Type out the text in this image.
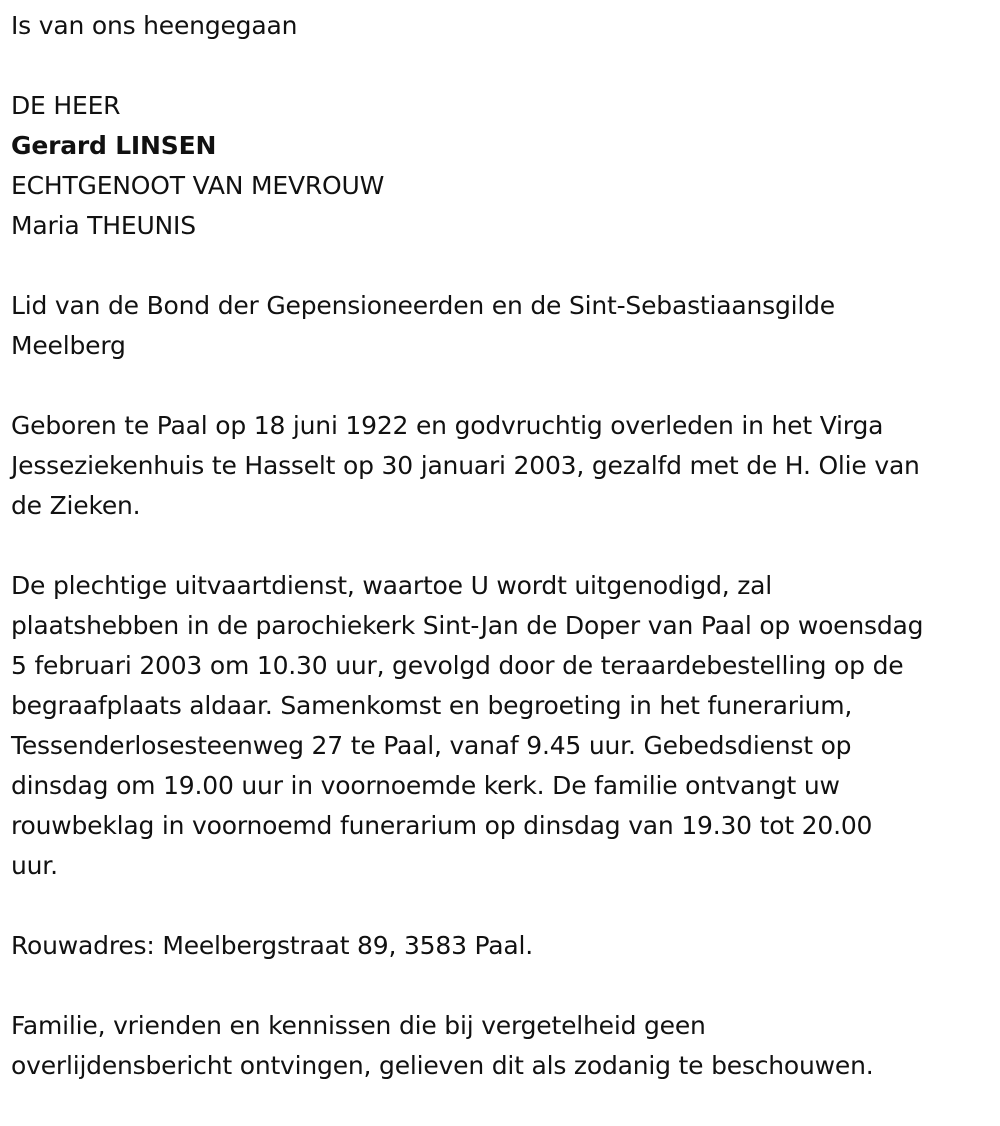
Is van ons heengegaan

DE HEER

Gerard LINSEN

ECHTGENOOT VAN MEVROUW

Maria THEUNIS

Lid van de Bond der Gepensioneerden en de Sint-Sebastiaansgilde

Meelberg

Geboren te Paal op 18 juni 1922 en godvruchtig overleden in het Virga

Jesseziekenhuis te Hasselt op 30 januari 2003, gezalfd met de H. Olie van

de Zieken.

De plechtige uitvaartdienst, waartoe U wordt uitgenodigd, zal

plaatshebben in de parochiekerk Sint-Jan de Doper van Paal op woensdag

5 februari 2003 om 10.30 uur, gevolgd door de teraardebestelling op de

begraafplaats aldaar. Samenkomst en begroeting in het funerarium,

Tessenderlosesteenweg 27 te Paal, vanaf 9.45 uur. Gebedsdienst op

dinsdag om 19.00 uur in voornoemde kerk. De familie ontvangt uw

rouwbeklag in voornoemd funerarium op dinsdag van 19.30 tot 20.00

uur.

Rouwadres: Meelbergstraat 89, 3583 Paal.

Familie, vrienden en kennissen die bij vergetelheid geen

overlijdensbericht ontvingen, gelieven dit als zodanig te beschouwen.
